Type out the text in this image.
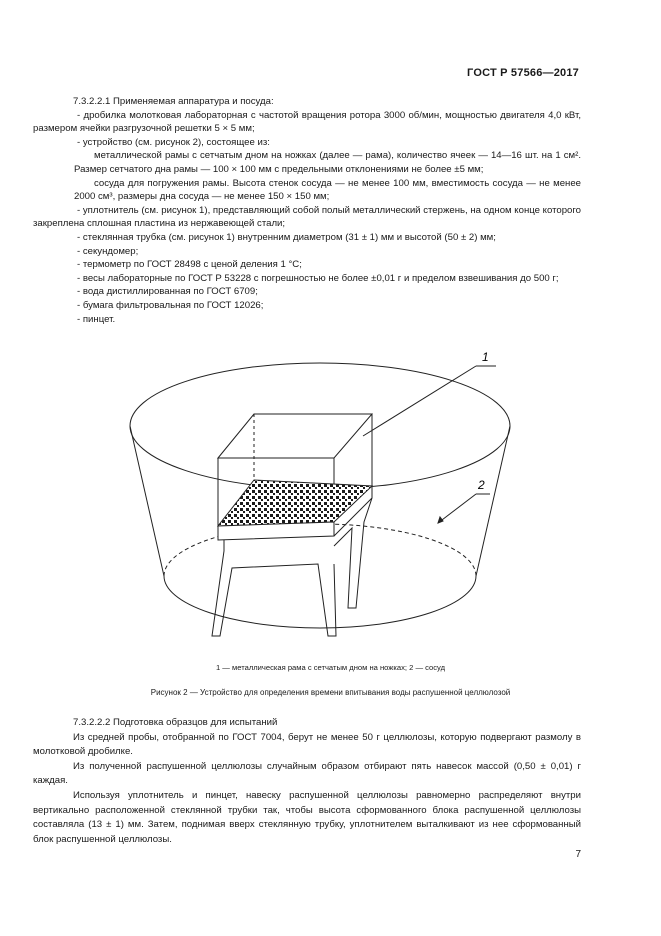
ГОСТ Р 57566—2017

7.3.2.2.1 Применяемая аппаратура и посуда:

- дробилка молотковая лабораторная с частотой вращения ротора 3000 об/мин, мощностью двигателя 4,0 кВт, размером ячейки разгрузочной решетки 5 × 5 мм;

- устройство (см. рисунок 2), состоящее из:

металлической рамы с сетчатым дном на ножках (далее — рама), количество ячеек — 14—16 шт. на 1 см². Размер сетчатого дна рамы — 100 × 100 мм с предельными отклонениями не более ±5 мм;

сосуда для погружения рамы. Высота стенок сосуда — не менее 100 мм, вместимость сосуда — не менее 2000 см³, размеры дна сосуда — не менее 150 × 150 мм;

- уплотнитель (см. рисунок 1), представляющий собой полый металлический стержень, на одном конце которого закреплена сплошная пластина из нержавеющей стали;

- стеклянная трубка (см. рисунок 1) внутренним диаметром (31 ± 1) мм и высотой (50 ± 2) мм;

- секундомер;

- термометр по ГОСТ 28498 с ценой деления 1 °С;

- весы лабораторные по ГОСТ Р 53228 с погрешностью не более ±0,01 г и пределом взвешивания до 500 г;

- вода дистиллированная по ГОСТ 6709;

- бумага фильтровальная по ГОСТ 12026;

- пинцет.

1
2
1 — металлическая рама с сетчатым дном на ножках; 2 — сосуд
Рисунок 2 — Устройство для определения времени впитывания воды распушенной целлюлозой

7.3.2.2.2 Подготовка образцов для испытаний

Из средней пробы, отобранной по ГОСТ 7004, берут не менее 50 г целлюлозы, которую подвергают размолу в молотковой дробилке.

Из полученной распушенной целлюлозы случайным образом отбирают пять навесок массой (0,50 ± 0,01) г каждая.

Используя уплотнитель и пинцет, навеску распушенной целлюлозы равномерно распределяют внутри вертикально расположенной стеклянной трубки так, чтобы высота сформованного блока распушенной целлюлозы составляла (13 ± 1) мм. Затем, поднимая вверх стеклянную трубку, уплотнителем выталкивают из нее сформованный блок распушенной целлюлозы.

7
